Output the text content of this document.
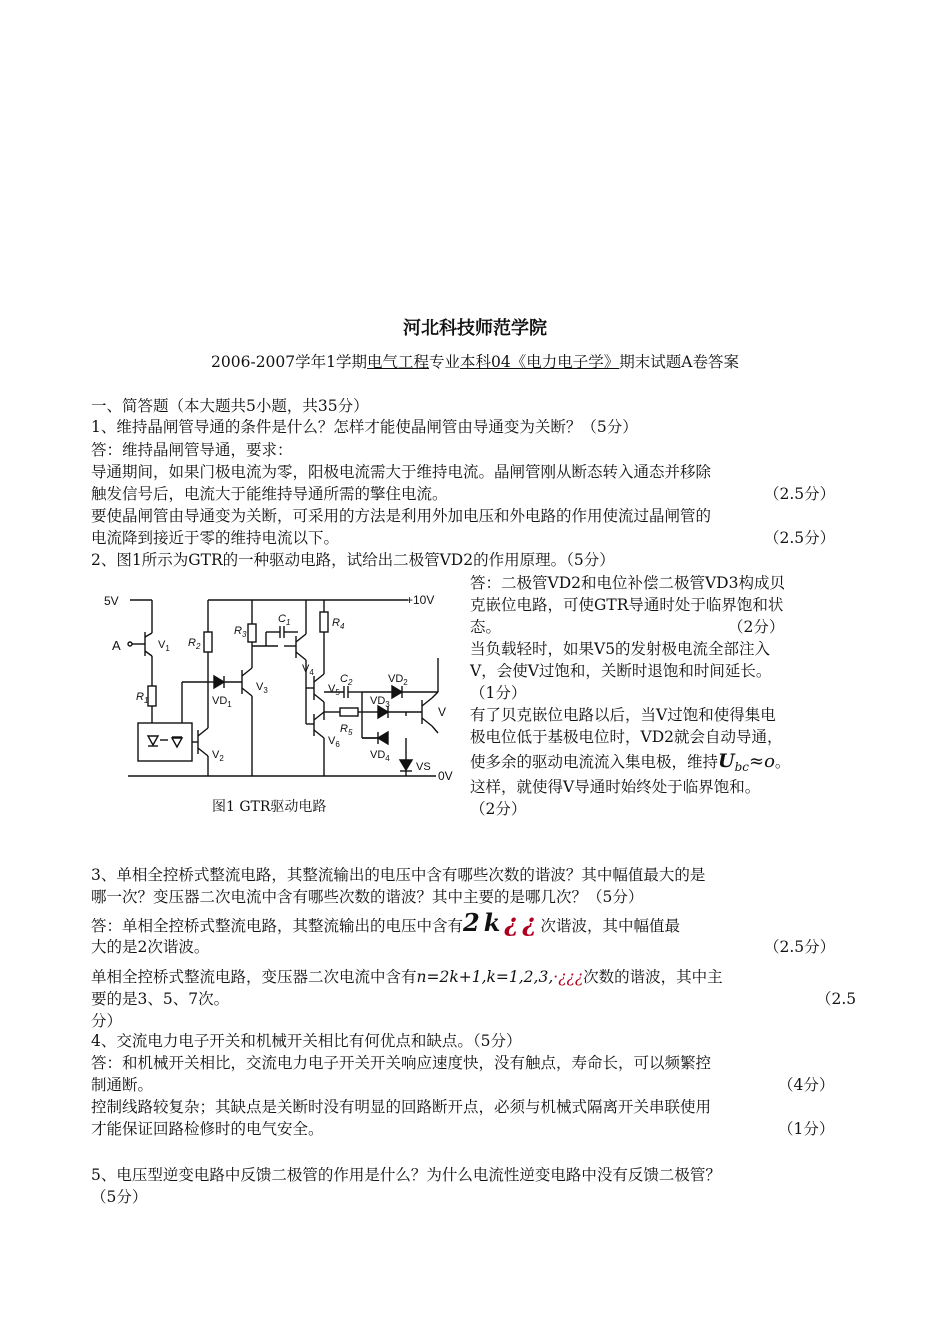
河北科技师范学院
2006-2007学年1学期电气工程专业本科04《电力电子学》期末试题A卷答案
一、简答题（本大题共5小题，共35分）
1、维持晶闸管导通的条件是什么？怎样才能使晶闸管由导通变为关断？（5分）
答：维持晶闸管导通，要求：
导通期间，如果门极电流为零，阳极电流需大于维持电流。晶闸管刚从断态转入通态并移除
触发信号后，电流大于能维持导通所需的擎住电流。	（2.5分）
要使晶闸管由导通变为关断，可采用的方法是利用外加电压和外电路的作用使流过晶闸管的
电流降到接近于零的维持电流以下。	（2.5分）
2、图1所示为GTR的一种驱动电路，试给出二极管VD2的作用原理。（5分）
答：二极管VD2和电位补偿二极管VD3构成贝
克嵌位电路，可使GTR导通时处于临界饱和状
态。	（2分）
当负载轻时，如果V5的发射极电流全部注入
V，会使V过饱和，关断时退饱和时间延长。
（1分）
有了贝克嵌位电路以后，当V过饱和使得集电
极电位低于基极电位时，VD2就会自动导通，
使多余的驱动电流流入集电极，维持$U_{bc}\approx o$。
这样，就使得V导通时始终处于临界饱和。
（2分）
5V
A	$V_1$
$R_1$
$V_2$
$R_2$
+10V
$VD_1$
$V_3$
$R_3$
$C_1$
$V_4$
$R_4$
$V_5$
$V_6$
$C_2$
$R_5$
$VD_2$
$VD_3$
$VD_4$
V
VS
0V
图1 GTR驱动电路
3、单相全控桥式整流电路，其整流输出的电压中含有哪些次数的谐波？其中幅值最大的是
哪一次？变压器二次电流中含有哪些次数的谐波？其中主要的是哪几次？（5分）
答：单相全控桥式整流电路，其整流输出的电压中含有2k¿¿次谐波，其中幅值最
大的是2次谐波。	（2.5分）
单相全控桥式整流电路，变压器二次电流中含有n=2k+1,k=1,2,3,·¿¿¿次数的谐波，其中主
要的是3、5、7次。	（2.5
分）
4、交流电力电子开关和机械开关相比有何优点和缺点。（5分）
答：和机械开关相比，交流电力电子开关开关响应速度快，没有触点，寿命长，可以频繁控
制通断。	（4分）
控制线路较复杂；其缺点是关断时没有明显的回路断开点，必须与机械式隔离开关串联使用
才能保证回路检修时的电气安全。	（1分）
5、电压型逆变电路中反馈二极管的作用是什么？为什么电流性逆变电路中没有反馈二极管？
（5分）
